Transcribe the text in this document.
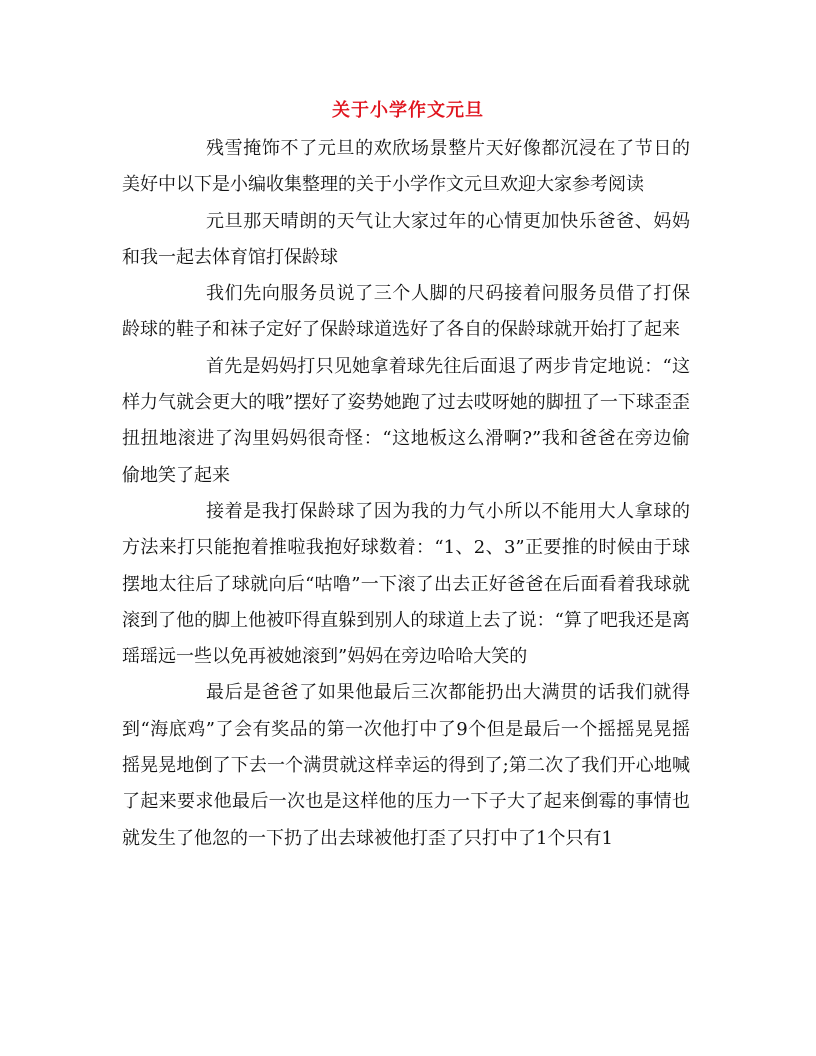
关于小学作文元旦

残雪掩饰不了元旦的欢欣场景整片天好像都沉浸在了节日的美好中以下是小编收集整理的关于小学作文元旦欢迎大家参考阅读

元旦那天晴朗的天气让大家过年的心情更加快乐爸爸、妈妈和我一起去体育馆打保龄球

我们先向服务员说了三个人脚的尺码接着问服务员借了打保龄球的鞋子和袜子定好了保龄球道选好了各自的保龄球就开始打了起来

首先是妈妈打只见她拿着球先往后面退了两步肯定地说：“这样力气就会更大的哦”摆好了姿势她跑了过去哎呀她的脚扭了一下球歪歪扭扭地滚进了沟里妈妈很奇怪：“这地板这么滑啊?”我和爸爸在旁边偷偷地笑了起来

接着是我打保龄球了因为我的力气小所以不能用大人拿球的方法来打只能抱着推啦我抱好球数着：“1、2、3”正要推的时候由于球摆地太往后了球就向后“咕噜”一下滚了出去正好爸爸在后面看着我球就滚到了他的脚上他被吓得直躲到别人的球道上去了说：“算了吧我还是离瑶瑶远一些以免再被她滚到”妈妈在旁边哈哈大笑的

最后是爸爸了如果他最后三次都能扔出大满贯的话我们就得到“海底鸡”了会有奖品的第一次他打中了9个但是最后一个摇摇晃晃摇摇晃晃地倒了下去一个满贯就这样幸运的得到了;第二次了我们开心地喊了起来要求他最后一次也是这样他的压力一下子大了起来倒霉的事情也就发生了他忽的一下扔了出去球被他打歪了只打中了1个只有1
